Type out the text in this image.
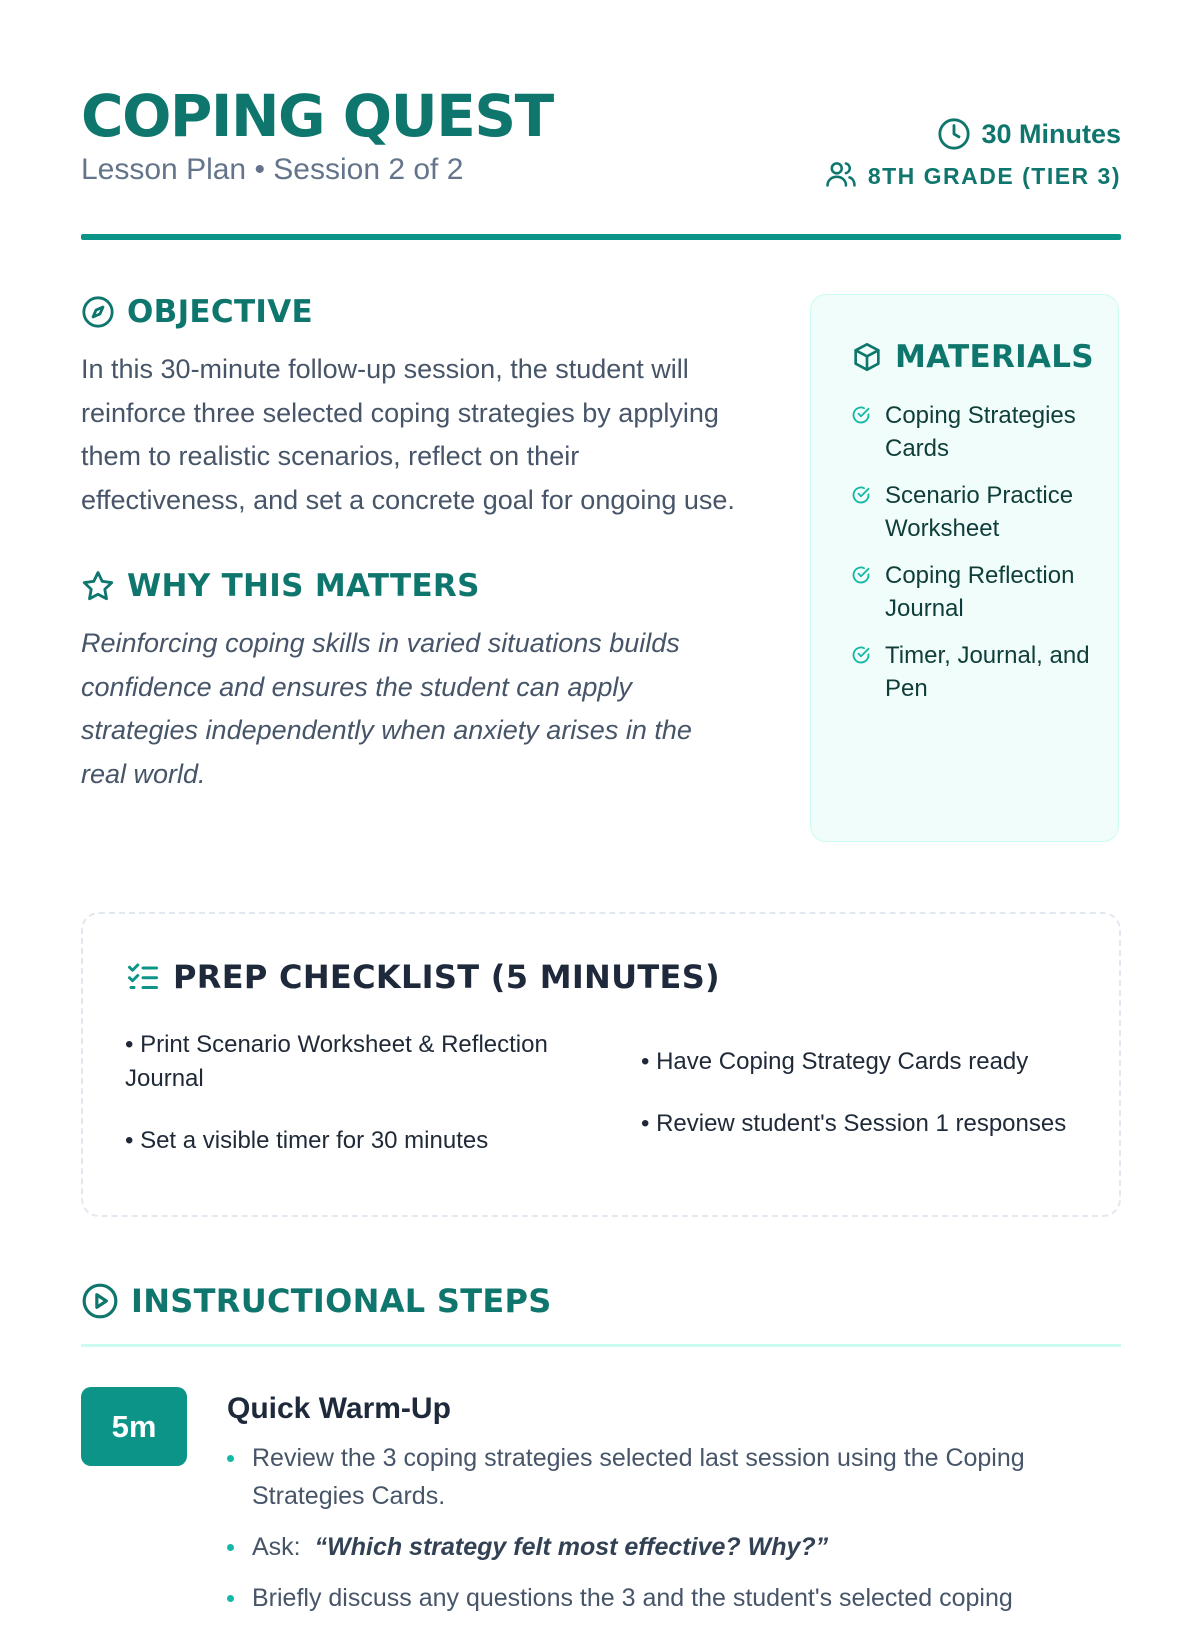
COPING QUEST
Lesson Plan • Session 2 of 2
30 Minutes
8TH GRADE (TIER 3)
OBJECTIVE

In this 30-minute follow-up session, the student will reinforce three selected coping strategies by applying them to realistic scenarios, reflect on their effectiveness, and set a concrete goal for ongoing use.

WHY THIS MATTERS

Reinforcing coping skills in varied situations builds confidence and ensures the student can apply strategies independently when anxiety arises in the real world.

MATERIALS
Coping Strategies Cards
Scenario Practice Worksheet
Coping Reflection Journal
Timer, Journal, and Pen
PREP CHECKLIST (5 MINUTES)
• Print Scenario Worksheet & Reflection Journal
• Have Coping Strategy Cards ready
• Set a visible timer for 30 minutes
• Review student's Session 1 responses
INSTRUCTIONAL STEPS
5m	Quick Warm-Up
Review the 3 coping strategies selected last session using the Coping Strategies Cards.
Ask: “Which strategy felt most effective? Why?”
Briefly discuss any questions the 3 and the student's selected coping
